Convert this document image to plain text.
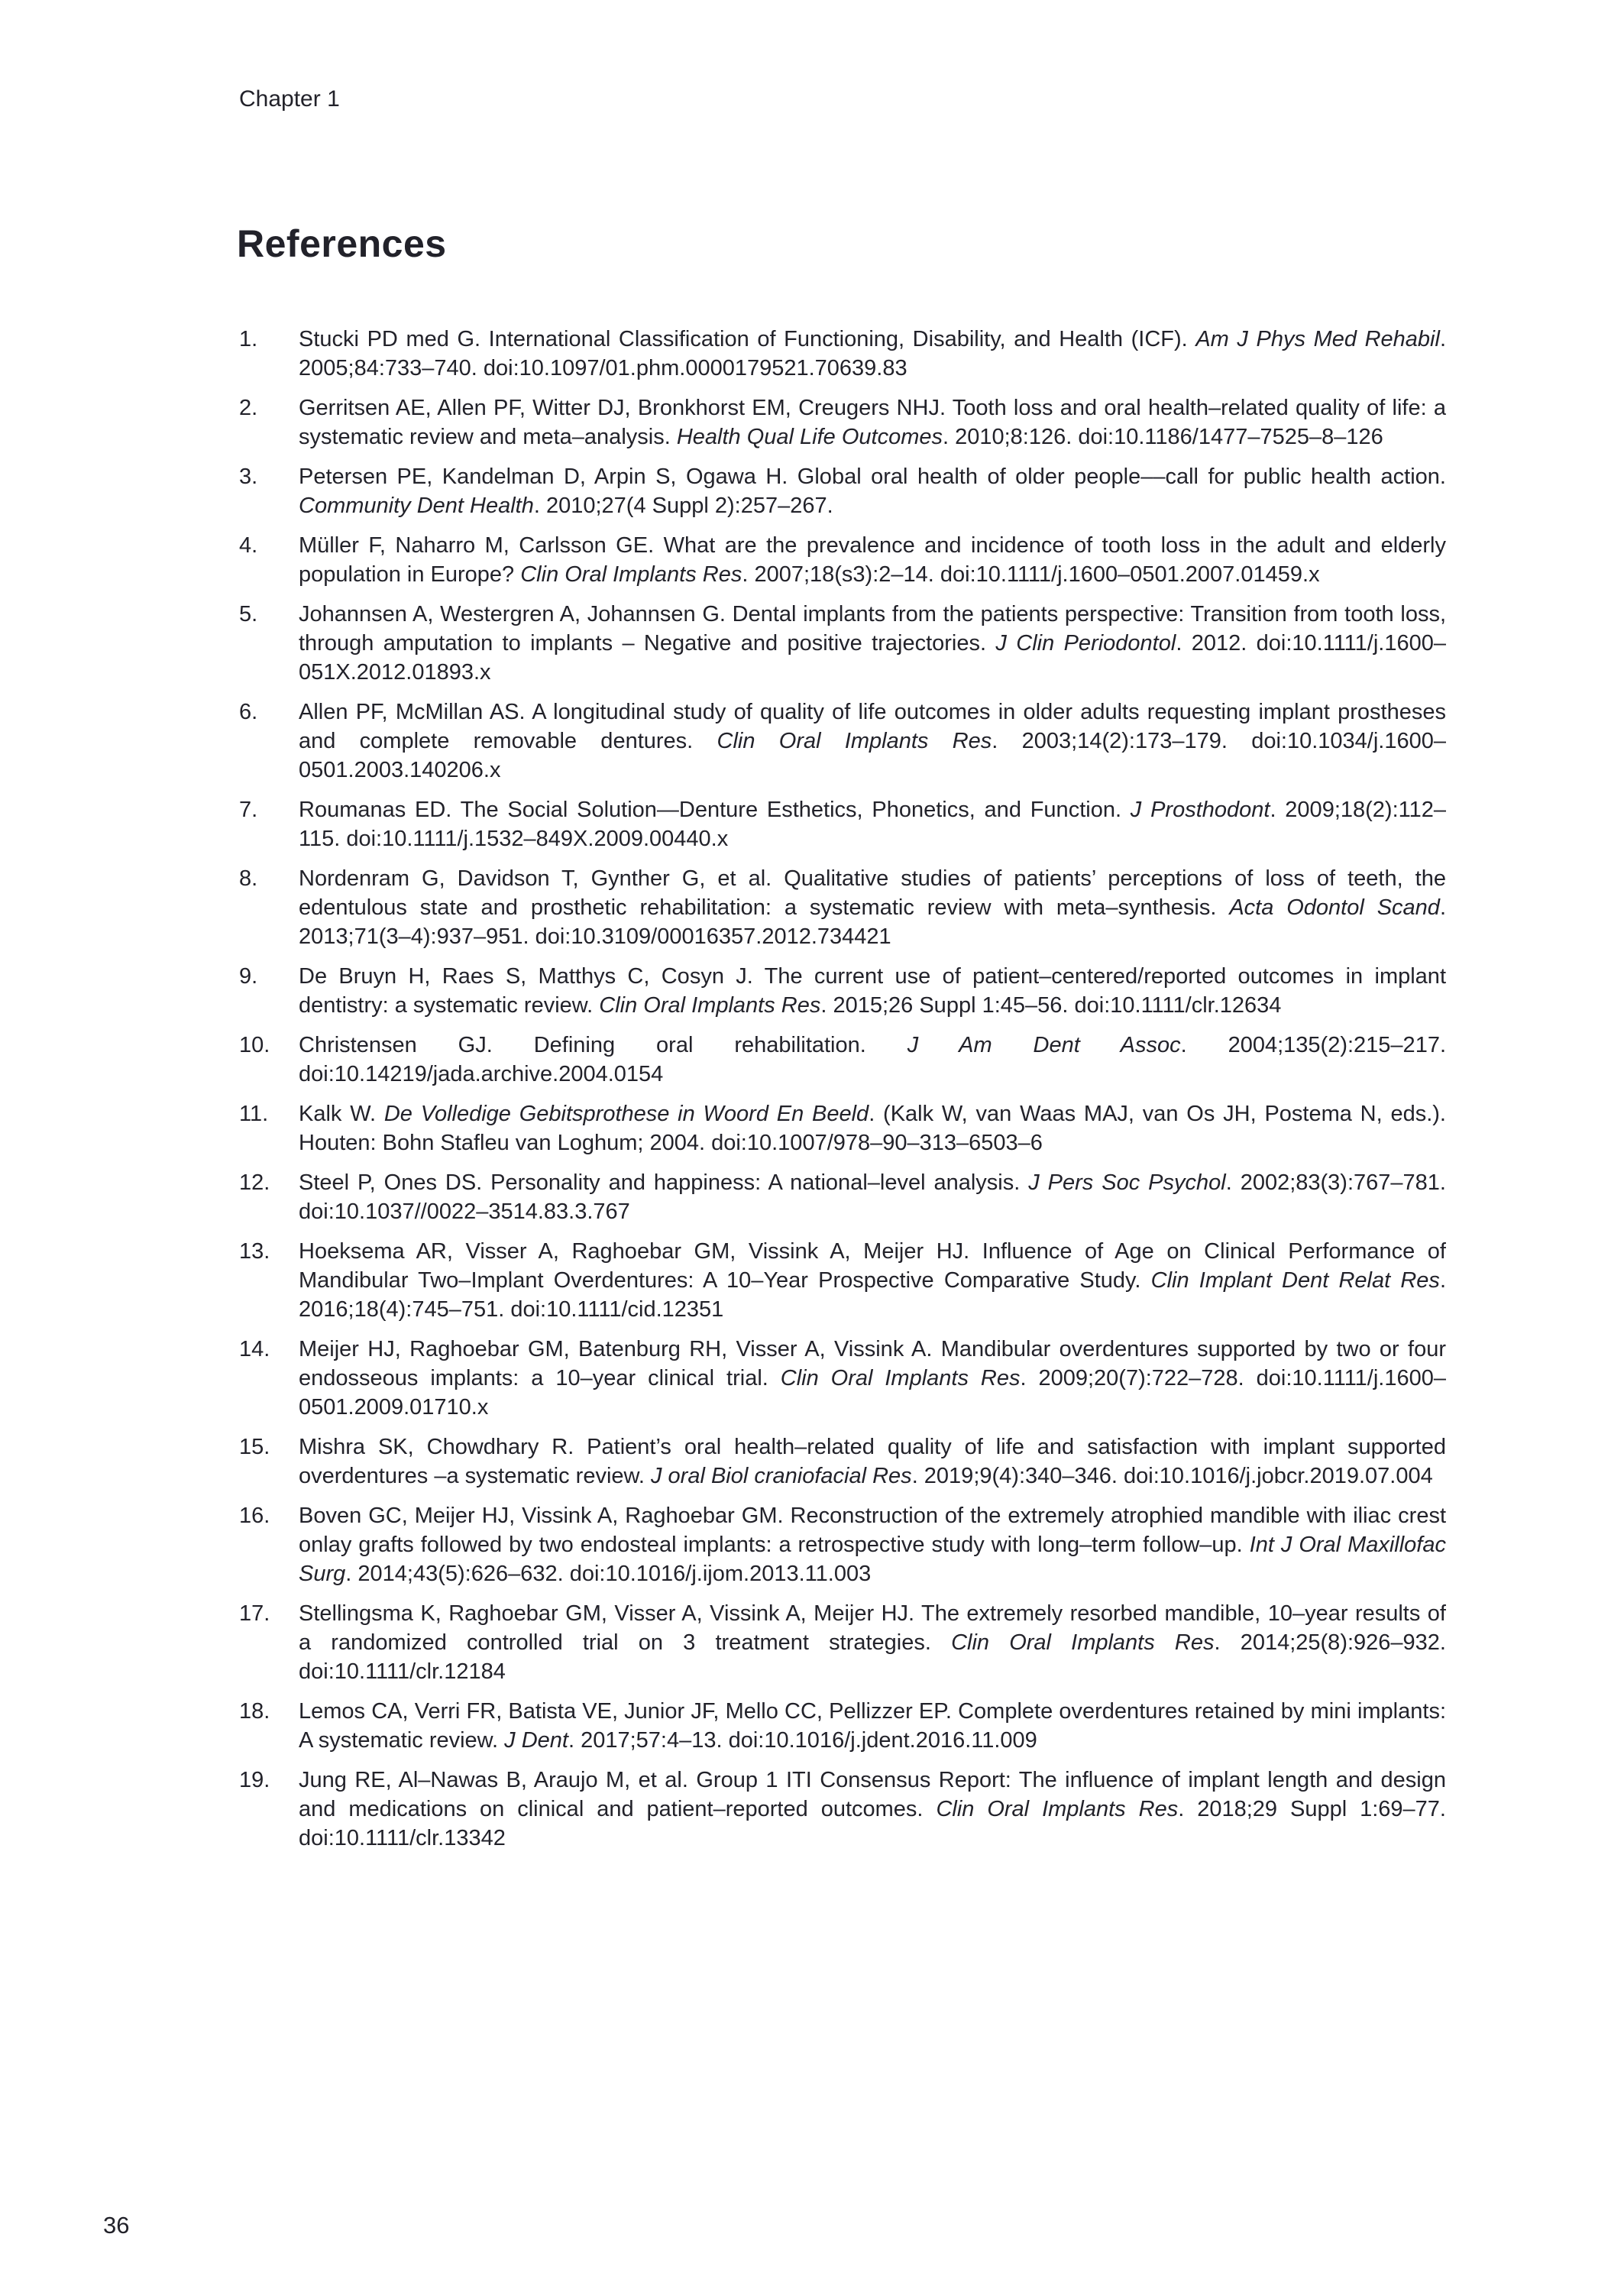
Chapter 1
References
1.	Stucki PD med G. International Classification of Functioning, Disability, and Health (ICF). Am J Phys Med Rehabil. 2005;84:733–740. doi:10.1097/01.phm.0000179521.70639.83
2.	Gerritsen AE, Allen PF, Witter DJ, Bronkhorst EM, Creugers NHJ. Tooth loss and oral health–related quality of life: a systematic review and meta–analysis. Health Qual Life Outcomes. 2010;8:126. doi:10.1186/1477–7525–8–126
3.	Petersen PE, Kandelman D, Arpin S, Ogawa H. Global oral health of older people––call for public health action. Community Dent Health. 2010;27(4 Suppl 2):257–267.
4.	Müller F, Naharro M, Carlsson GE. What are the prevalence and incidence of tooth loss in the adult and elderly population in Europe? Clin Oral Implants Res. 2007;18(s3):2–14. doi:10.1111/j.1600–0501.2007.01459.x
5.	Johannsen A, Westergren A, Johannsen G. Dental implants from the patients perspective: Transition from tooth loss, through amputation to implants – Negative and positive trajectories. J Clin Periodontol. 2012. doi:10.1111/j.1600–051X.2012.01893.x
6.	Allen PF, McMillan AS. A longitudinal study of quality of life outcomes in older adults requesting implant prostheses and complete removable dentures. Clin Oral Implants Res. 2003;14(2):173–179. doi:10.1034/j.1600–0501.2003.140206.x
7.	Roumanas ED. The Social Solution—Denture Esthetics, Phonetics, and Function. J Prosthodont. 2009;18(2):112–115. doi:10.1111/j.1532–849X.2009.00440.x
8.	Nordenram G, Davidson T, Gynther G, et al. Qualitative studies of patients’ perceptions of loss of teeth, the edentulous state and prosthetic rehabilitation: a systematic review with meta–synthesis. Acta Odontol Scand. 2013;71(3–4):937–951. doi:10.3109/00016357.2012.734421
9.	De Bruyn H, Raes S, Matthys C, Cosyn J. The current use of patient–centered/reported outcomes in implant dentistry: a systematic review. Clin Oral Implants Res. 2015;26 Suppl 1:45–56. doi:10.1111/clr.12634
10.	Christensen GJ. Defining oral rehabilitation. J Am Dent Assoc. 2004;135(2):215–217. doi:10.14219/jada.archive.2004.0154
11.	Kalk W. De Volledige Gebitsprothese in Woord En Beeld. (Kalk W, van Waas MAJ, van Os JH, Postema N, eds.). Houten: Bohn Stafleu van Loghum; 2004. doi:10.1007/978–90–313–6503–6
12.	Steel P, Ones DS. Personality and happiness: A national–level analysis. J Pers Soc Psychol. 2002;83(3):767–781. doi:10.1037//0022–3514.83.3.767
13.	Hoeksema AR, Visser A, Raghoebar GM, Vissink A, Meijer HJ. Influence of Age on Clinical Performance of Mandibular Two–Implant Overdentures: A 10–Year Prospective Comparative Study. Clin Implant Dent Relat Res. 2016;18(4):745–751. doi:10.1111/cid.12351
14.	Meijer HJ, Raghoebar GM, Batenburg RH, Visser A, Vissink A. Mandibular overdentures supported by two or four endosseous implants: a 10–year clinical trial. Clin Oral Implants Res. 2009;20(7):722–728. doi:10.1111/j.1600–0501.2009.01710.x
15.	Mishra SK, Chowdhary R. Patient’s oral health–related quality of life and satisfaction with implant supported overdentures –a systematic review. J oral Biol craniofacial Res. 2019;9(4):340–346. doi:10.1016/j.jobcr.2019.07.004
16.	Boven GC, Meijer HJ, Vissink A, Raghoebar GM. Reconstruction of the extremely atrophied mandible with iliac crest onlay grafts followed by two endosteal implants: a retrospective study with long–term follow–up. Int J Oral Maxillofac Surg. 2014;43(5):626–632. doi:10.1016/j.ijom.2013.11.003
17.	Stellingsma K, Raghoebar GM, Visser A, Vissink A, Meijer HJ. The extremely resorbed mandible, 10–year results of a randomized controlled trial on 3 treatment strategies. Clin Oral Implants Res. 2014;25(8):926–932. doi:10.1111/clr.12184
18.	Lemos CA, Verri FR, Batista VE, Junior JF, Mello CC, Pellizzer EP. Complete overdentures retained by mini implants: A systematic review. J Dent. 2017;57:4–13. doi:10.1016/j.jdent.2016.11.009
19.	Jung RE, Al–Nawas B, Araujo M, et al. Group 1 ITI Consensus Report: The influence of implant length and design and medications on clinical and patient–reported outcomes. Clin Oral Implants Res. 2018;29 Suppl 1:69–77. doi:10.1111/clr.13342
36
